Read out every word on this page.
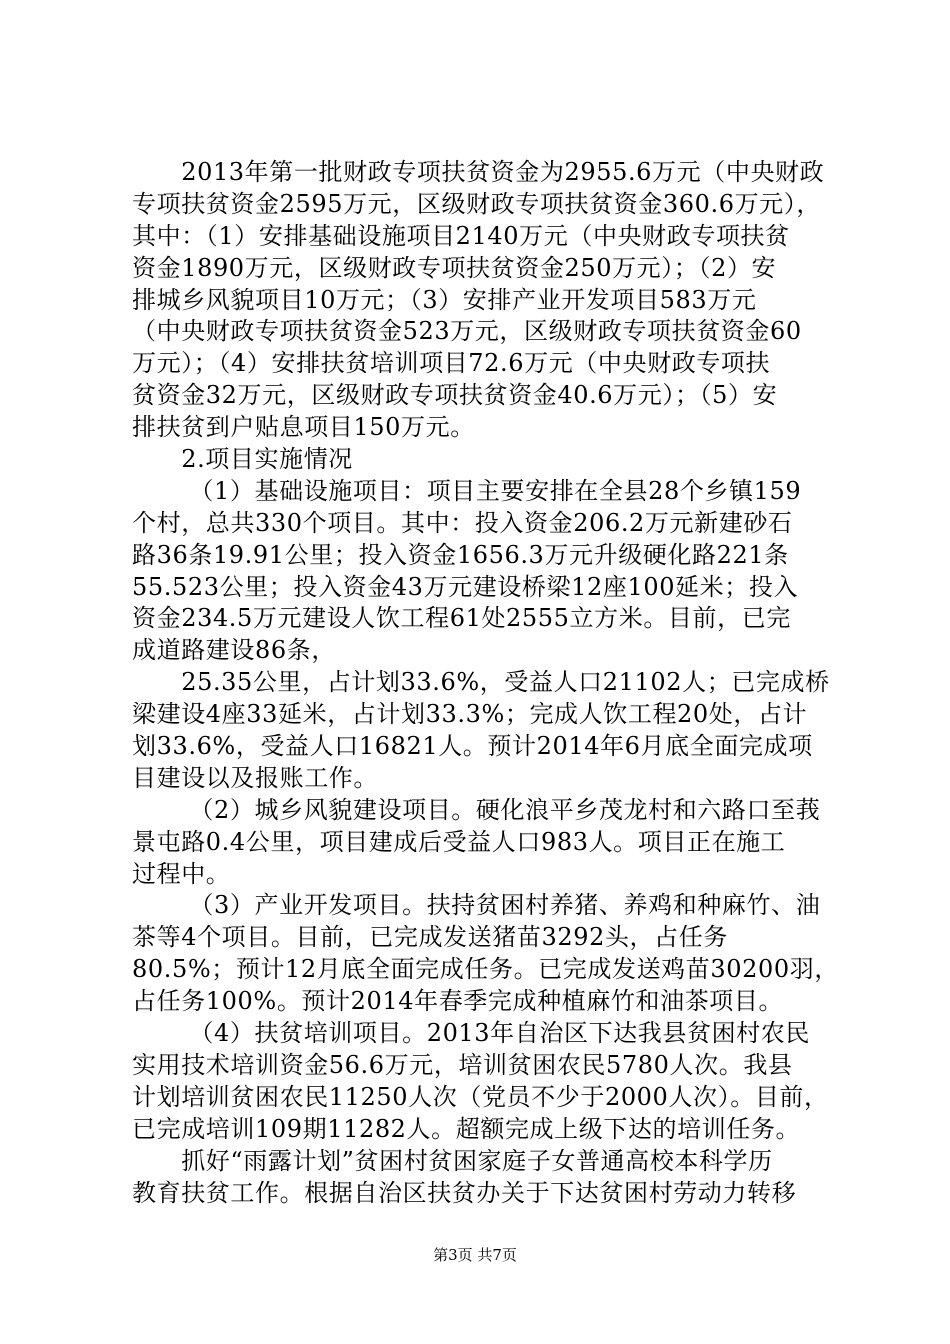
　　2013年第一批财政专项扶贫资金为2955.6万元（中央财政
专项扶贫资金2595万元，区级财政专项扶贫资金360.6万元），
其中：（1）安排基础设施项目2140万元（中央财政专项扶贫
资金1890万元，区级财政专项扶贫资金250万元）；（2）安
排城乡风貌项目10万元；（3）安排产业开发项目583万元
（中央财政专项扶贫资金523万元，区级财政专项扶贫资金60
万元）；（4）安排扶贫培训项目72.6万元（中央财政专项扶
贫资金32万元，区级财政专项扶贫资金40.6万元）；（5）安
排扶贫到户贴息项目150万元。
　　2.项目实施情况
　　 （1）基础设施项目：项目主要安排在全县28个乡镇159
个村，总共330个项目。其中：投入资金206.2万元新建砂石
路36条19.91公里；投入资金1656.3万元升级硬化路221条
55.523公里；投入资金43万元建设桥梁12座100延米；投入
资金234.5万元建设人饮工程61处2555立方米。目前，已完
成道路建设86条，
　　25.35公里，占计划33.6%，受益人口21102人；已完成桥
梁建设4座33延米，占计划33.3%；完成人饮工程20处，占计
划33.6%，受益人口16821人。预计2014年6月底全面完成项
目建设以及报账工作。
　　 （2）城乡风貌建设项目。硬化浪平乡茂龙村和六路口至莪
景屯路0.4公里，项目建成后受益人口983人。项目正在施工
过程中。
　　 （3）产业开发项目。扶持贫困村养猪、养鸡和种麻竹、油
茶等4个项目。目前，已完成发送猪苗3292头，占任务
80.5%；预计12月底全面完成任务。已完成发送鸡苗30200羽，
占任务100%。预计2014年春季完成种植麻竹和油茶项目。
　　 （4）扶贫培训项目。2013年自治区下达我县贫困村农民
实用技术培训资金56.6万元，培训贫困农民5780人次。我县
计划培训贫困农民11250人次（党员不少于2000人次）。目前，
已完成培训109期11282人。超额完成上级下达的培训任务。
　　抓好“雨露计划”贫困村贫困家庭子女普通高校本科学历
教育扶贫工作。根据自治区扶贫办关于下达贫困村劳动力转移
第3页 共7页
